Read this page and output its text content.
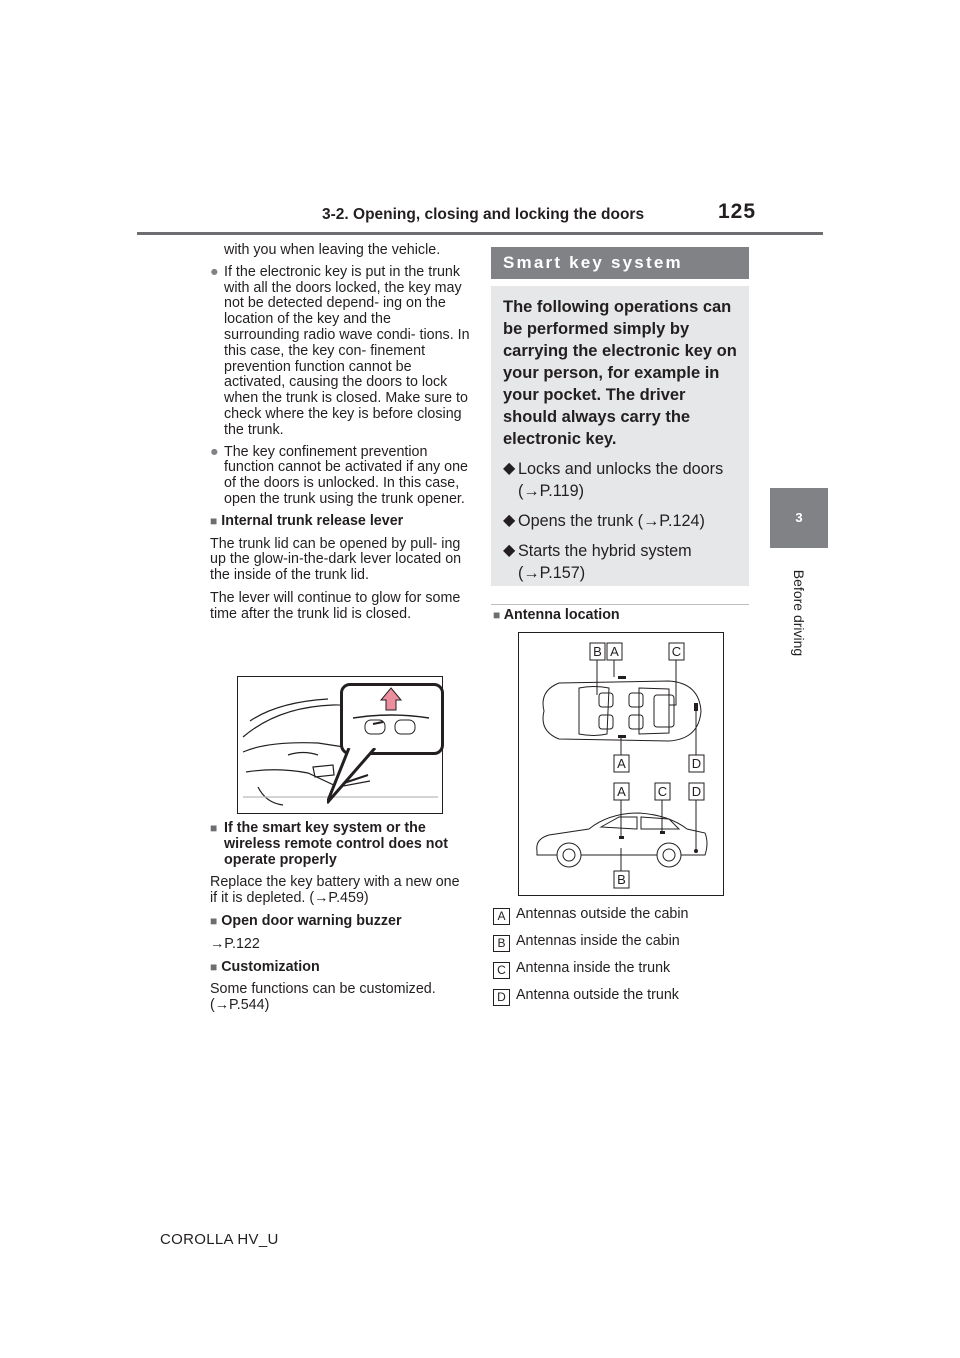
3-2. Opening, closing and locking the doors	125
3
Before driving

with you when leaving the vehicle.

● If the electronic key is put in the trunk with all the doors locked, the key may not be detected depend- ing on the location of the key and the surrounding radio wave condi- tions. In this case, the key con- finement prevention function cannot be activated, causing the doors to lock when the trunk is closed. Make sure to check where the key is before closing the trunk.

● The key confinement prevention function cannot be activated if any one of the doors is unlocked. In this case, open the trunk using the trunk opener.

■ Internal trunk release lever

The trunk lid can be opened by pull- ing up the glow-in-the-dark lever located on the inside of the trunk lid.

The lever will continue to glow for some time after the trunk lid is closed.

■ If the smart key system or the wireless remote control does not operate properly

Replace the key battery with a new one if it is depleted. (→P.459)

■ Open door warning buzzer

→P.122

■ Customization

Some functions can be customized. (→P.544)

Smart key system

The following operations can be performed simply by carrying the electronic key on your person, for example in your pocket. The driver should always carry the electronic key.

◆ Locks and unlocks the doors (→P.119)

◆ Opens the trunk (→P.124)

◆ Starts the hybrid system (→P.157)

■ Antenna location
B A	C
A	D
A C D
B
A Antennas outside the cabin
B Antennas inside the cabin
C Antenna inside the trunk
D Antenna outside the trunk
COROLLA HV_U
